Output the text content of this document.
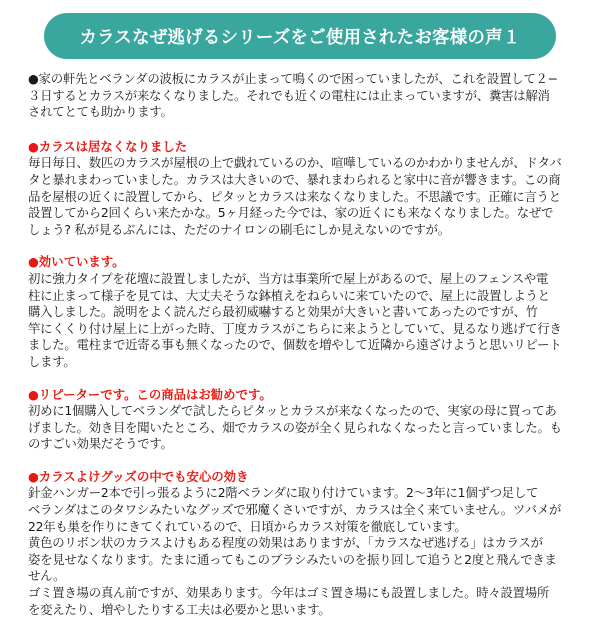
カラスなぜ逃げるシリーズをご使用されたお客様の声１
●家の軒先とベランダの波板にカラスが止まって鳴くので困っていましたが、これを設置して２−
３日するとカラスが来なくなりました。それでも近くの電柱には止まっていますが、糞害は解消
されてとても助かります。
●カラスは居なくなりました
毎日毎日、数匹のカラスが屋根の上で戯れているのか、喧嘩しているのかわかりませんが、ドタバ
タと暴れまわっていました。カラスは大きいので、暴れまわられると家中に音が響きます。この商
品を屋根の近くに設置してから、ピタッとカラスは来なくなりました。不思議です。正確に言うと
設置してから2回くらい来たかな。5ヶ月経った今では、家の近くにも来なくなりました。なぜで
しょう? 私が見るぶんには、ただのナイロンの刷毛にしか見えないのですが。
●効いています。
初に強力タイプを花壇に設置しましたが、当方は事業所で屋上があるので、屋上のフェンスや電
柱に止まって様子を見ては、大丈夫そうな鉢植えをねらいに来ていたので、屋上に設置しようと
購入しました。説明をよく読んだら最初威嚇すると効果が大きいと書いてあったのですが、竹
竿にくくり付け屋上に上がった時、丁度カラスがこちらに来ようとしていて、見るなり逃げて行き
ました。電柱まで近寄る事も無くなったので、個数を増やして近隣から遠ざけようと思いリピート
します。
●リピーターです。この商品はお勧めです。
初めに1個購入してベランダで試したらピタッとカラスが来なくなったので、実家の母に買ってあ
げました。効き目を聞いたところ、畑でカラスの姿が全く見られなくなったと言っていました。も
のすごい効果だそうです。
●カラスよけグッズの中でも安心の効き
針金ハンガー2本で引っ張るように2階ベランダに取り付けています。2〜3年に1個ずつ足して
ベランダはこのタワシみたいなグッズで邪魔くさいですが、カラスは全く来ていません。ツバメが
22年も巣を作りにきてくれているので、日頃からカラス対策を徹底しています。
黄色のリボン状のカラスよけもある程度の効果はありますが、「カラスなぜ逃げる」はカラスが
姿を見せなくなります。たまに通ってもこのブラシみたいのを振り回して追うと2度と飛んできま
せん。
ゴミ置き場の真ん前ですが、効果あります。今年はゴミ置き場にも設置しました。時々設置場所
を変えたり、増やしたりする工夫は必要かと思います。
